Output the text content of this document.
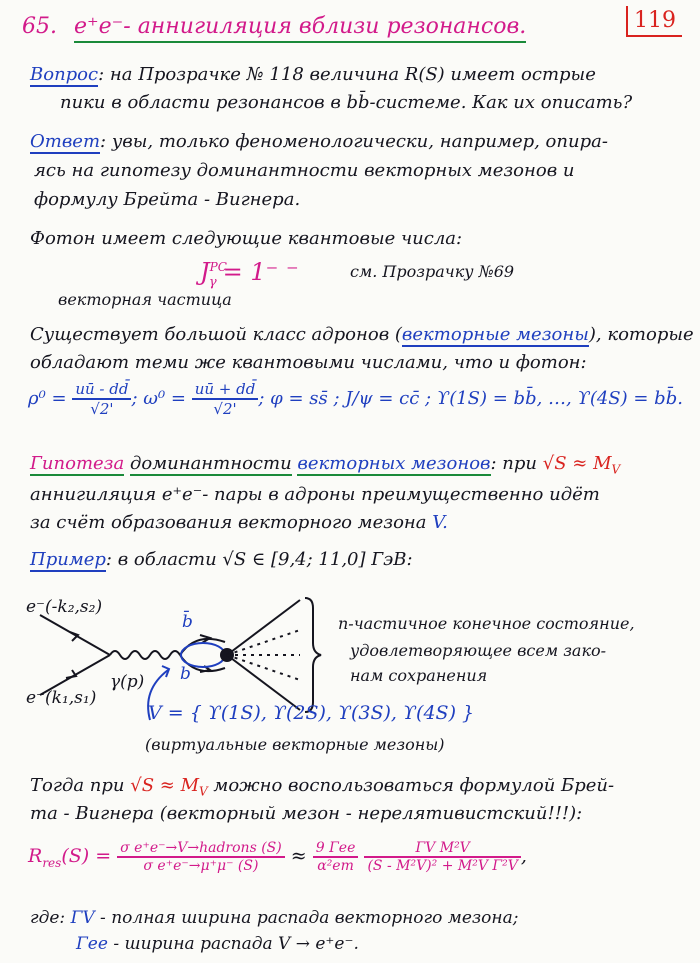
65. e⁺e⁻- аннигиляция вблизи резонансов.	119
Вопрос: на Прозрачке № 118 величина R(S) имеет острые
пики в области резонансов в bb̄-системе. Как их описать?
Ответ: увы, только феноменологически, например, опира-
ясь на гипотезу доминантности векторных мезонов и
формулу Брейта - Вигнера.
Фотон имеет следующие квантовые числа:
$J^{PC}_\gamma = 1^-$ ⁻	см. Прозрачку №69
векторная частица
Существует большой класс адронов (векторные мезоны), которые
обладают теми же квантовыми числами, что и фотон:
$\rho^0 = \frac{uū - dd̄}{√2'}$ ; $\omega^0 = \frac{uū + dd̄}{√2'}$ ; φ = ss̄ ; J/ψ = cc̄ ; ϒ(1S) = bb̄, …, ϒ(4S) = bb̄.
Гипотеза доминантности векторных мезонов: при $√S \approx M_V$
аннигиляция e⁺e⁻- пары в адроны преимущественно идёт
за счёт образования векторного мезона V.
Пример: в области √S ∈ [9,4; 11,0] ГэВ:
e⁻(-k₂,s₂)
e⁻(k₁,s₁)
γ(p)
b̄
b
n-частичное конечное состояние,
удовлетворяющее всем зако-
нам сохранения
V = { ϒ(1S), ϒ(2S), ϒ(3S), ϒ(4S) }
(виртуальные векторные мезоны)
Тогда при $√S \approx M_V$ можно воспользоваться формулой Брей-
та - Вигнера (векторный мезон - нерелятивистский!!!):
$R_{res}(S) = \frac{\text{σ e⁺e⁻→V→hadrons (S)}}{\text{σ e⁺e⁻→μ⁺μ⁻ (S)}} \approx \frac{\text{9 Γee}}{\text{α²em}}$
$\frac{\text{ΓV M²V}}{\text{(S - M²V)² + M²V Γ²V}}$ ,
где: ΓV - полная ширина распада векторного мезона;
Γee - ширина распада V → e⁺e⁻.
